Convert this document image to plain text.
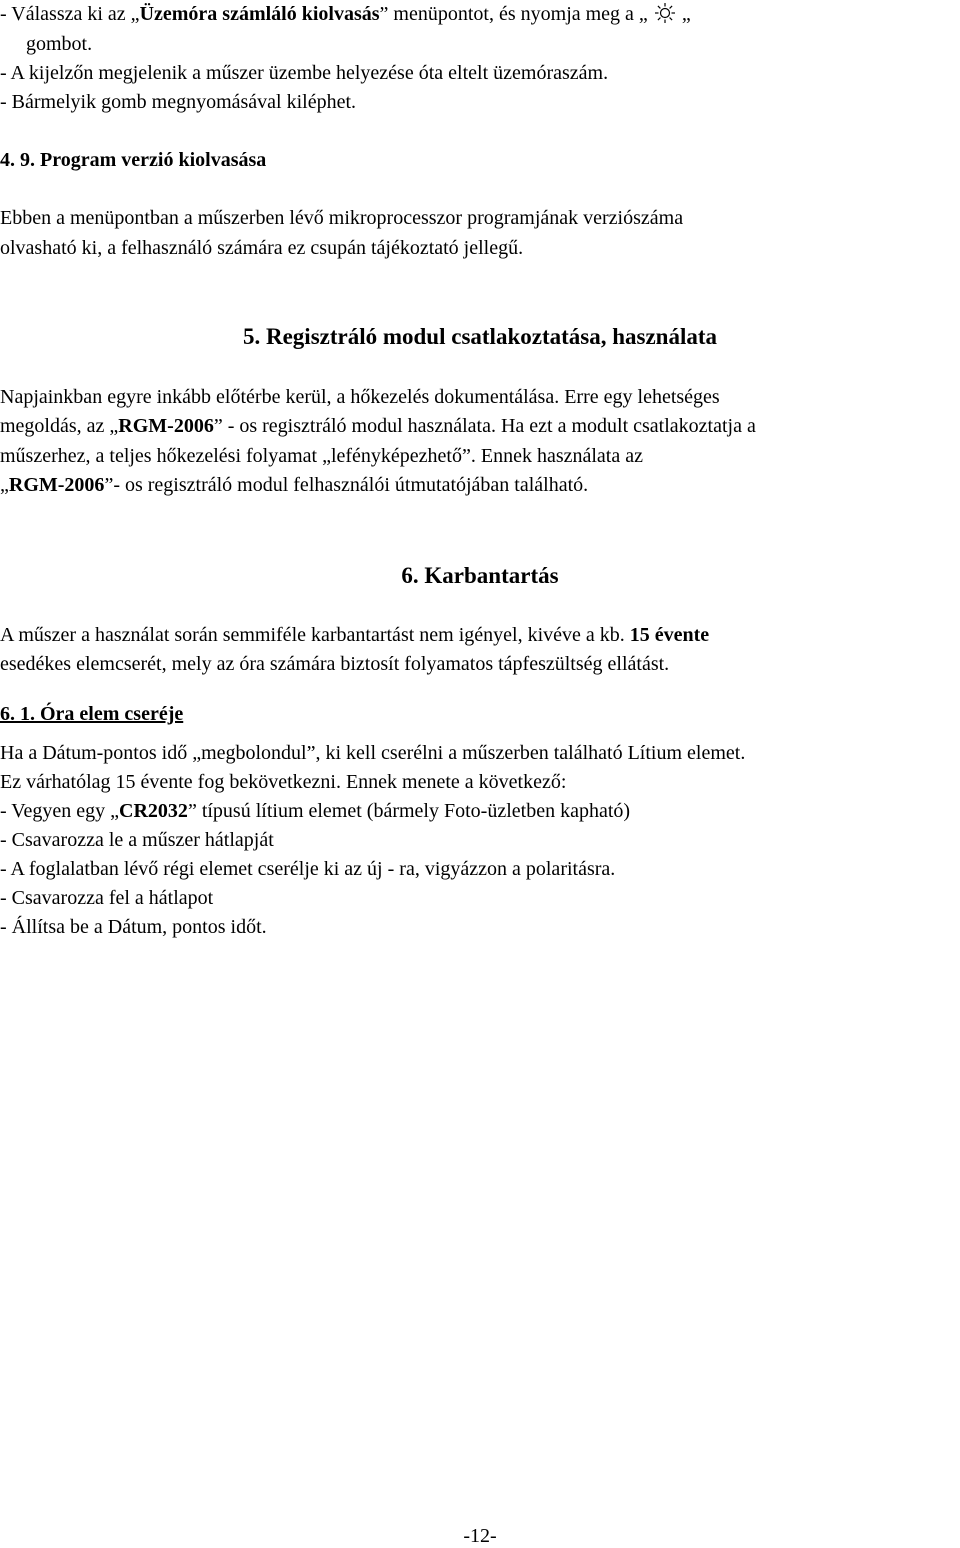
- Válassza ki az „Üzemóra számláló kiolvasás” menüpontot, és nyomja meg a „ „
gombot.
- A kijelzőn megjelenik a műszer üzembe helyezése óta eltelt üzemóraszám.
- Bármelyik gomb megnyomásával kiléphet.
4. 9. Program verzió kiolvasása
Ebben a menüpontban a műszerben lévő mikroprocesszor programjának verziószáma
olvasható ki, a felhasználó számára ez csupán tájékoztató jellegű.
5. Regisztráló modul csatlakoztatása, használata
Napjainkban egyre inkább előtérbe kerül, a hőkezelés dokumentálása. Erre egy lehetséges
megoldás, az „RGM-2006” - os regisztráló modul használata. Ha ezt a modult csatlakoztatja a
műszerhez, a teljes hőkezelési folyamat „lefényképezhető”. Ennek használata az
„RGM-2006”- os regisztráló modul felhasználói útmutatójában található.
6. Karbantartás
A műszer a használat során semmiféle karbantartást nem igényel, kivéve a kb. 15 évente
esedékes elemcserét, mely az óra számára biztosít folyamatos tápfeszültség ellátást.
6. 1. Óra elem cseréje
Ha a Dátum-pontos idő „megbolondul”, ki kell cserélni a műszerben található Lítium elemet.
Ez várhatólag 15 évente fog bekövetkezni. Ennek menete a következő:
- Vegyen egy „CR2032” típusú lítium elemet (bármely Foto-üzletben kapható)
- Csavarozza le a műszer hátlapját
- A foglalatban lévő régi elemet cserélje ki az új - ra, vigyázzon a polaritásra.
- Csavarozza fel a hátlapot
- Állítsa be a Dátum, pontos időt.
-12-
